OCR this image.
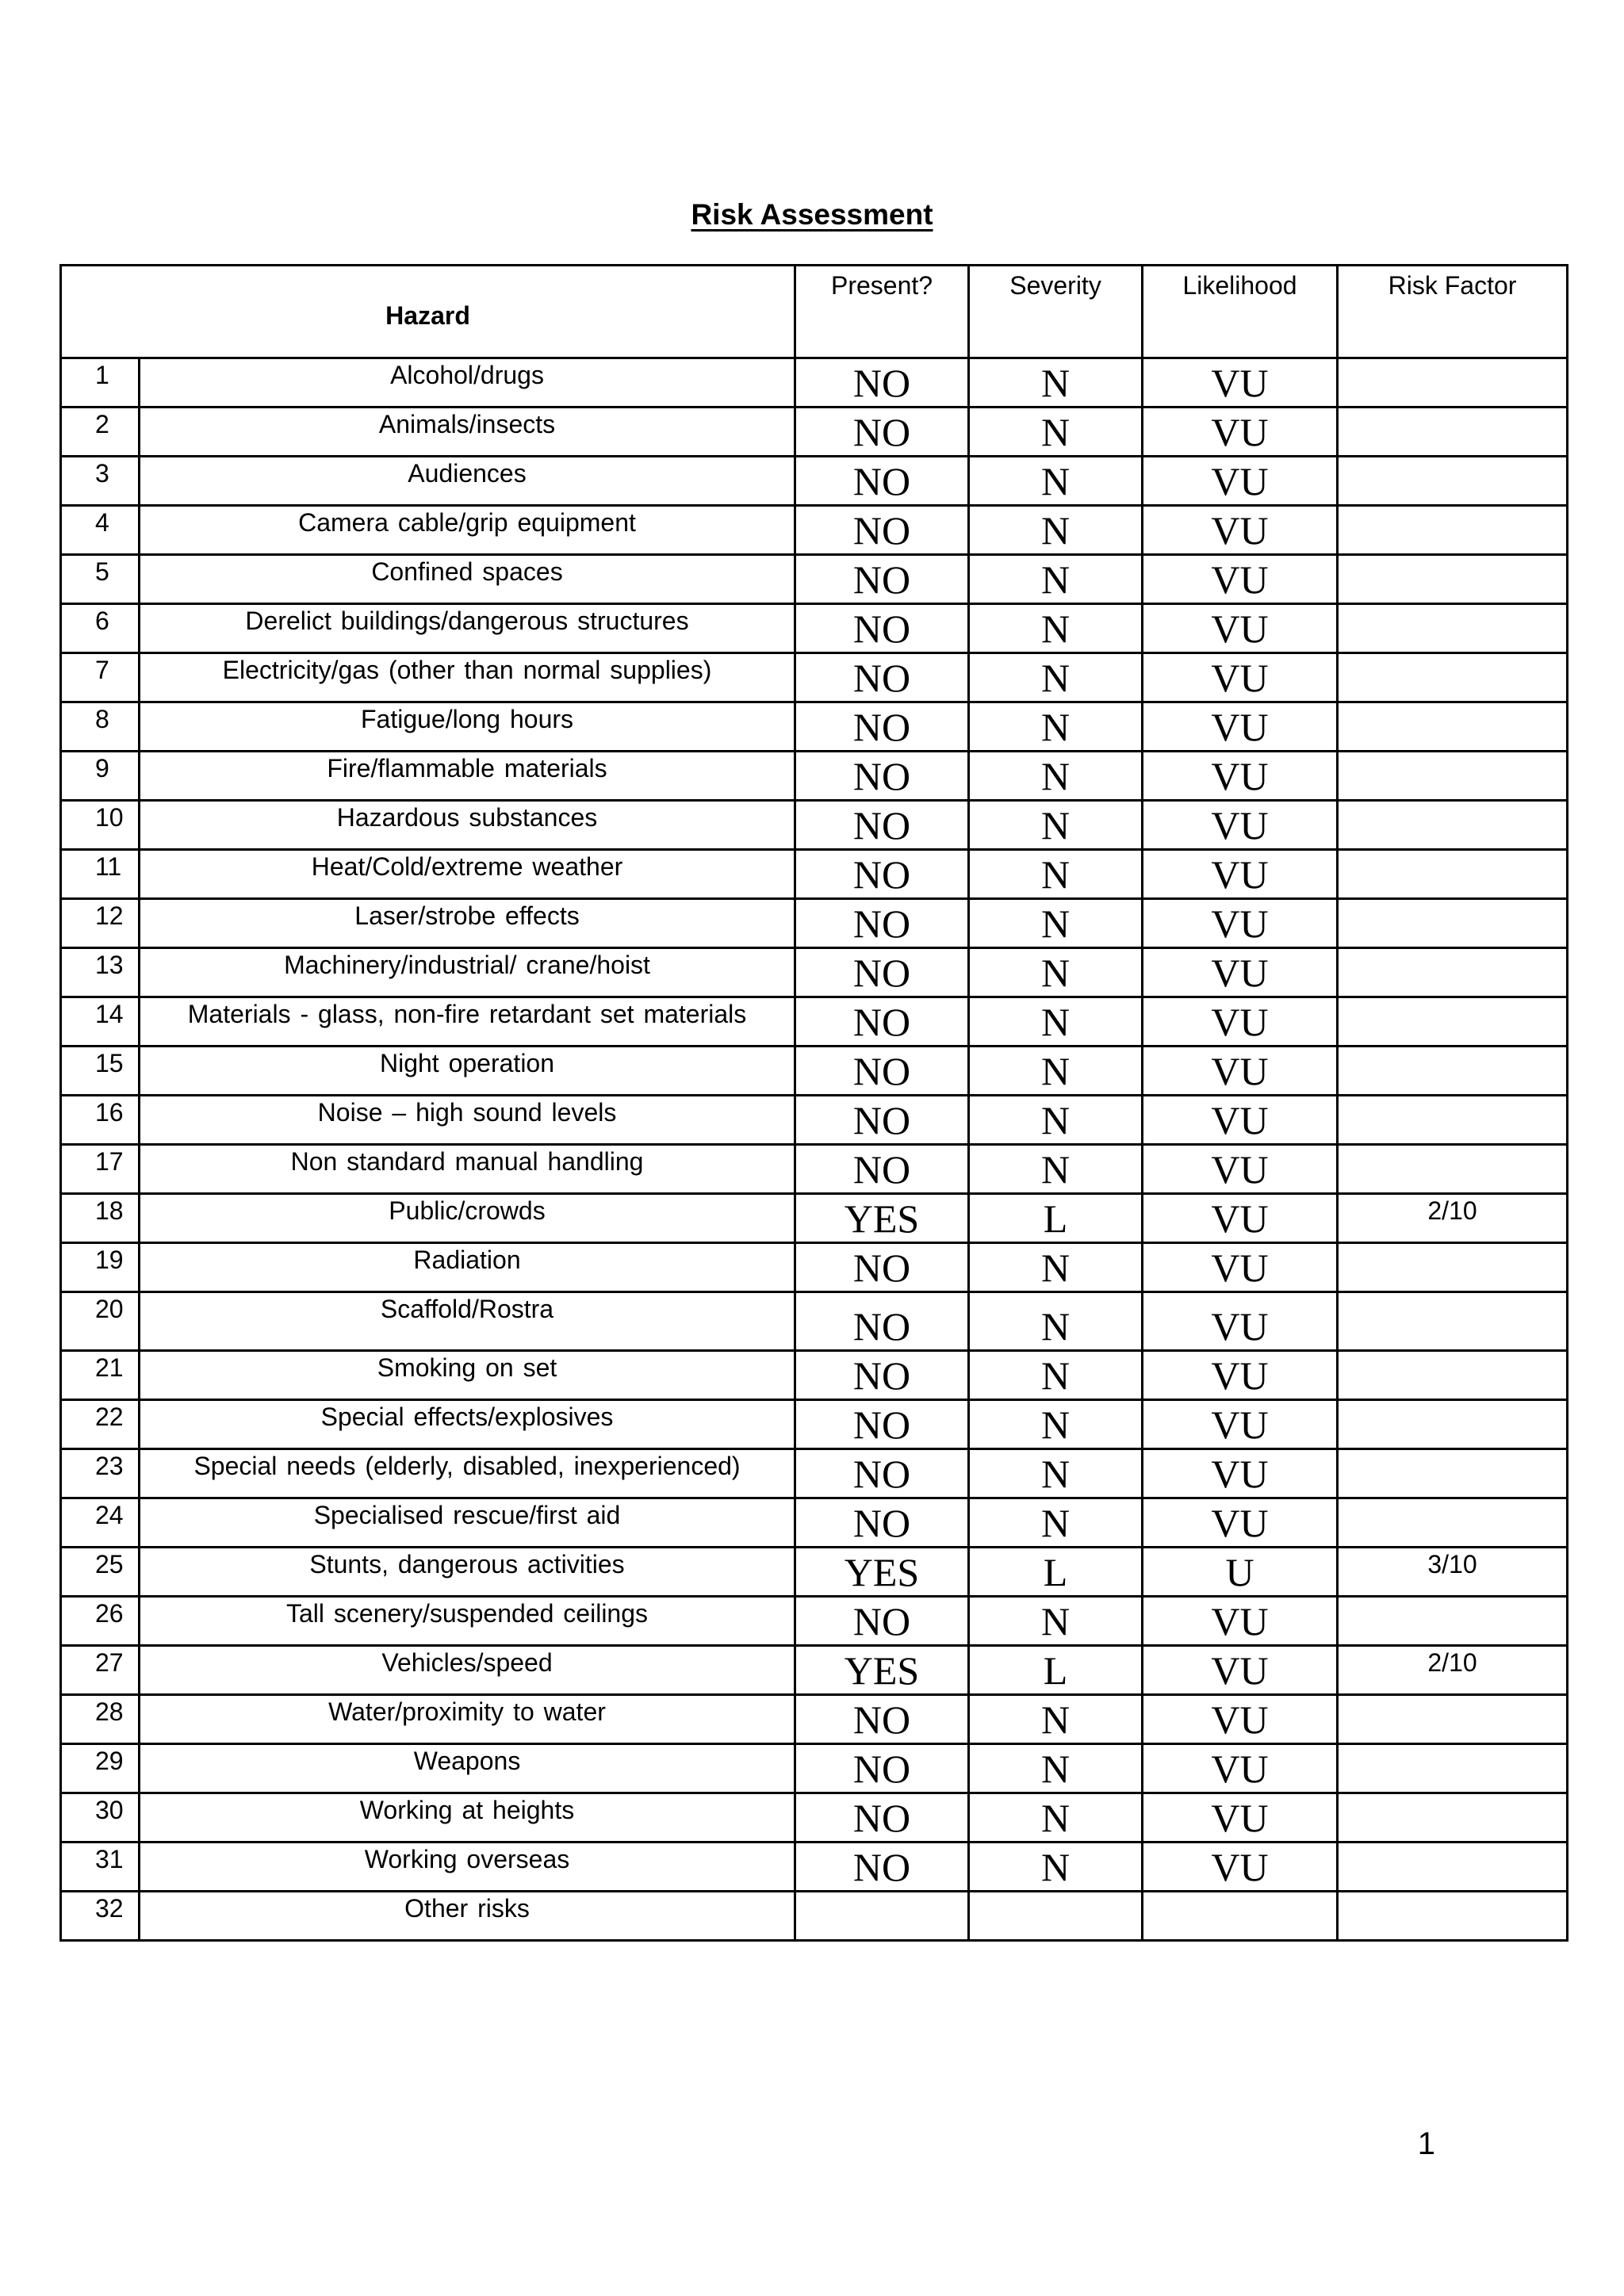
Risk Assessment
Hazard		Present?	Severity	Likelihood	Risk Factor
1	Alcohol/drugs	NO	N	VU	
2	Animals/insects	NO	N	VU	
3	Audiences	NO	N	VU	
4	Camera cable/grip equipment	NO	N	VU	
5	Confined spaces	NO	N	VU	
6	Derelict buildings/dangerous structures	NO	N	VU	
7	Electricity/gas (other than normal supplies)	NO	N	VU	
8	Fatigue/long hours	NO	N	VU	
9	Fire/flammable materials	NO	N	VU	
10	Hazardous substances	NO	N	VU	
11	Heat/Cold/extreme weather	NO	N	VU	
12	Laser/strobe effects	NO	N	VU	
13	Machinery/industrial/ crane/hoist	NO	N	VU	
14	Materials - glass, non-fire retardant set materials	NO	N	VU	
15	Night operation	NO	N	VU	
16	Noise – high sound levels	NO	N	VU	
17	Non standard manual handling	NO	N	VU	
18	Public/crowds	YES	L	VU	2/10
19	Radiation	NO	N	VU	
20	Scaffold/Rostra	NO	N	VU	
21	Smoking on set	NO	N	VU	
22	Special effects/explosives	NO	N	VU	
23	Special needs (elderly, disabled, inexperienced)	NO	N	VU	
24	Specialised rescue/first aid	NO	N	VU	
25	Stunts, dangerous activities	YES	L	U	3/10
26	Tall scenery/suspended ceilings	NO	N	VU	
27	Vehicles/speed	YES	L	VU	2/10
28	Water/proximity to water	NO	N	VU	
29	Weapons	NO	N	VU	
30	Working at heights	NO	N	VU	
31	Working overseas	NO	N	VU	
32	Other risks				
1
